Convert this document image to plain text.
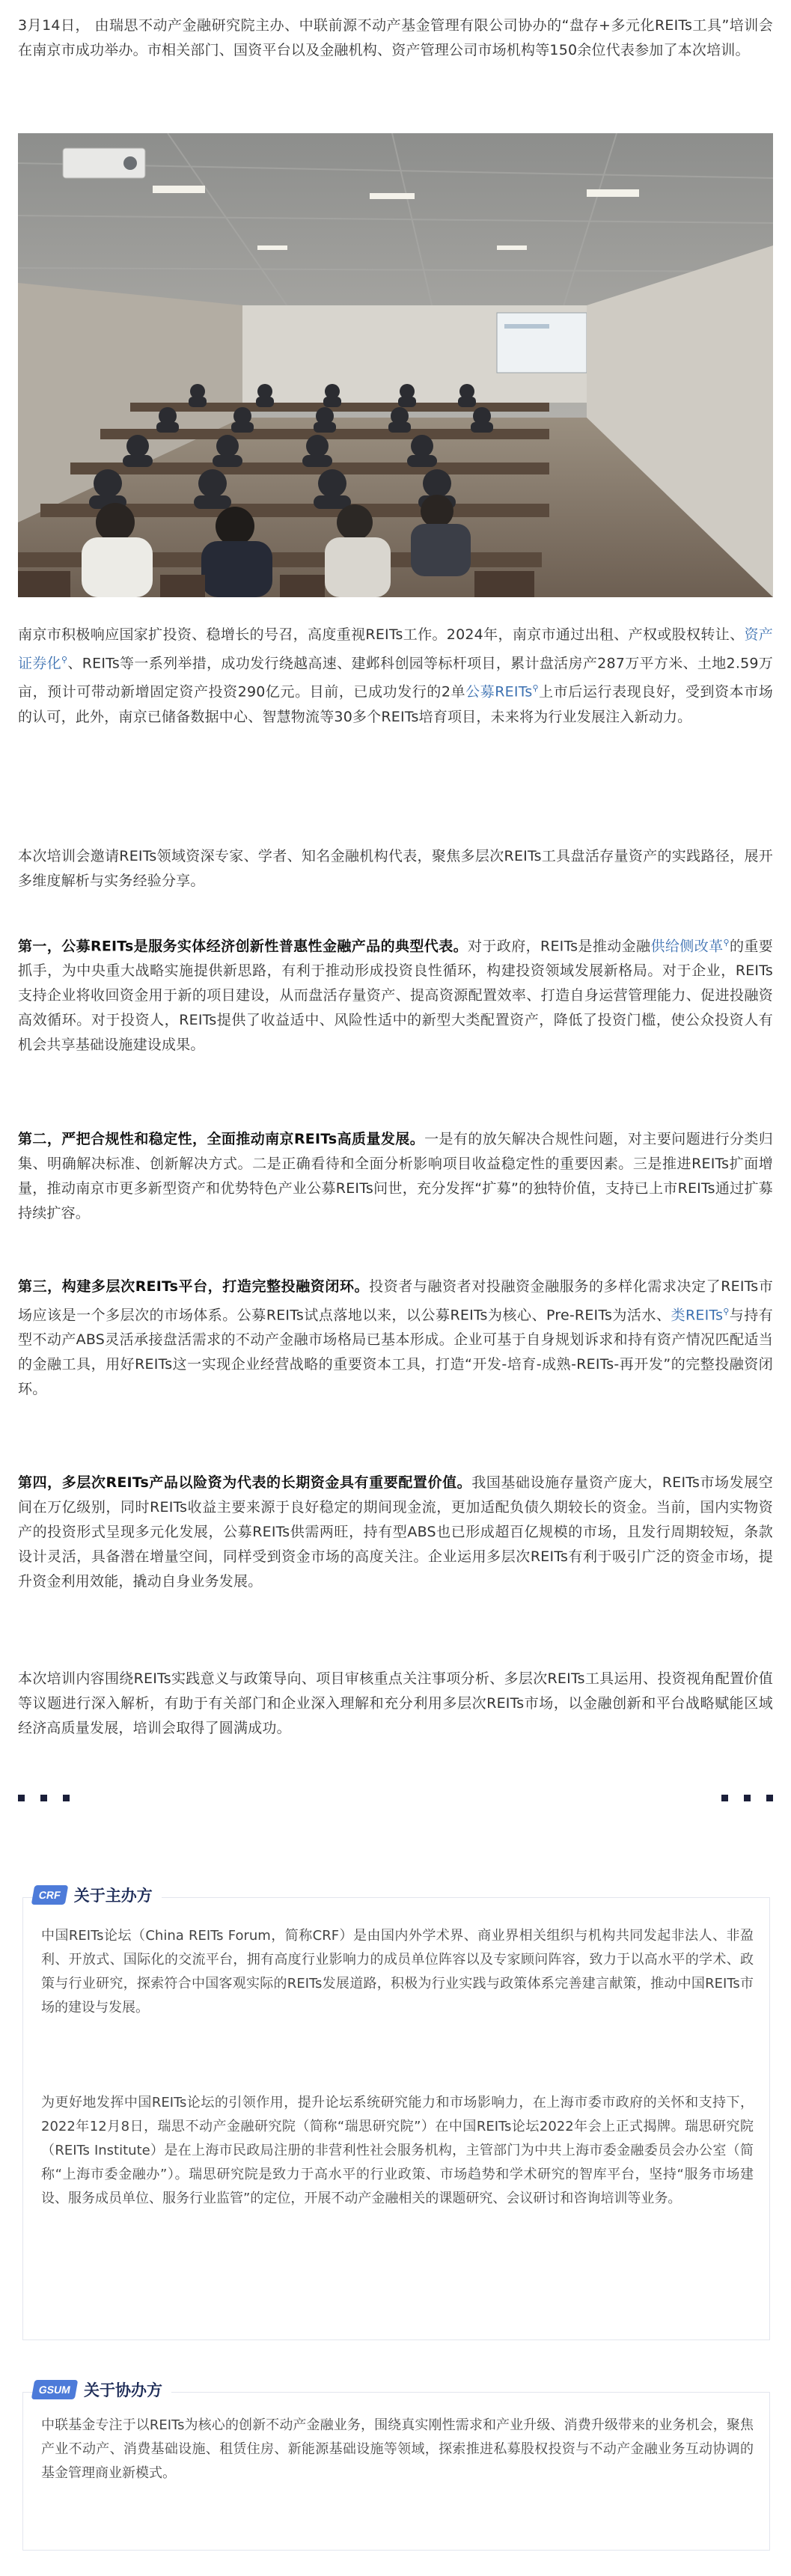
3月14日， 由瑞思不动产金融研究院主办、中联前源不动产基金管理有限公司协办的“盘存+多元化REITs工具”培训会在南京市成功举办。市相关部门、国资平台以及金融机构、资产管理公司市场机构等150余位代表参加了本次培训。

南京市积极响应国家扩投资、稳增长的号召，高度重视REITs工作。2024年，南京市通过出租、产权或股权转让、资产证券化⚲、REITs等一系列举措，成功发行绕越高速、建邺科创园等标杆项目，累计盘活房产287万平方米、土地2.59万亩，预计可带动新增固定资产投资290亿元。目前，已成功发行的2单公募REITs⚲上市后运行表现良好，受到资本市场的认可，此外，南京已储备数据中心、智慧物流等30多个REITs培育项目，未来将为行业发展注入新动力。

本次培训会邀请REITs领域资深专家、学者、知名金融机构代表，聚焦多层次REITs工具盘活存量资产的实践路径，展开多维度解析与实务经验分享。

第一，公募REITs是服务实体经济创新性普惠性金融产品的典型代表。对于政府，REITs是推动金融供给侧改革⚲的重要抓手，为中央重大战略实施提供新思路，有利于推动形成投资良性循环，构建投资领域发展新格局。对于企业，REITs支持企业将收回资金用于新的项目建设，从而盘活存量资产、提高资源配置效率、打造自身运营管理能力、促进投融资高效循环。对于投资人，REITs提供了收益适中、风险性适中的新型大类配置资产，降低了投资门槛，使公众投资人有机会共享基础设施建设成果。

第二，严把合规性和稳定性，全面推动南京REITs高质量发展。一是有的放矢解决合规性问题，对主要问题进行分类归集、明确解决标准、创新解决方式。二是正确看待和全面分析影响项目收益稳定性的重要因素。三是推进REITs扩面增量，推动南京市更多新型资产和优势特色产业公募REITs问世，充分发挥“扩募”的独特价值，支持已上市REITs通过扩募持续扩容。

第三，构建多层次REITs平台，打造完整投融资闭环。投资者与融资者对投融资金融服务的多样化需求决定了REITs市场应该是一个多层次的市场体系。公募REITs试点落地以来，以公募REITs为核心、Pre-REITs为活水、类REITs⚲与持有型不动产ABS灵活承接盘活需求的不动产金融市场格局已基本形成。企业可基于自身规划诉求和持有资产情况匹配适当的金融工具，用好REITs这一实现企业经营战略的重要资本工具，打造“开发-培育-成熟-REITs-再开发”的完整投融资闭环。

第四，多层次REITs产品以险资为代表的长期资金具有重要配置价值。我国基础设施存量资产庞大，REITs市场发展空间在万亿级别，同时REITs收益主要来源于良好稳定的期间现金流，更加适配负债久期较长的资金。当前，国内实物资产的投资形式呈现多元化发展，公募REITs供需两旺，持有型ABS也已形成超百亿规模的市场，且发行周期较短，条款设计灵活，具备潜在增量空间，同样受到资金市场的高度关注。企业运用多层次REITs有利于吸引广泛的资金市场，提升资金利用效能，撬动自身业务发展。

本次培训内容围绕REITs实践意义与政策导向、项目审核重点关注事项分析、多层次REITs工具运用、投资视角配置价值等议题进行深入解析，有助于有关部门和企业深入理解和充分利用多层次REITs市场，以金融创新和平台战略赋能区域经济高质量发展，培训会取得了圆满成功。

中国REITs论坛（China REITs Forum，简称CRF）是由国内外学术界、商业界相关组织与机构共同发起非法人、非盈利、开放式、国际化的交流平台，拥有高度行业影响力的成员单位阵容以及专家顾问阵容，致力于以高水平的学术、政策与行业研究，探索符合中国客观实际的REITs发展道路，积极为行业实践与政策体系完善建言献策，推动中国REITs市场的建设与发展。

为更好地发挥中国REITs论坛的引领作用，提升论坛系统研究能力和市场影响力，在上海市委市政府的关怀和支持下，2022年12月8日，瑞思不动产金融研究院（简称“瑞思研究院”）在中国REITs论坛2022年会上正式揭牌。瑞思研究院（REITs Institute）是在上海市民政局注册的非营利性社会服务机构，主管部门为中共上海市委金融委员会办公室（简称“上海市委金融办”）。瑞思研究院是致力于高水平的行业政策、市场趋势和学术研究的智库平台，坚持“服务市场建设、服务成员单位、服务行业监管”的定位，开展不动产金融相关的课题研究、会议研讨和咨询培训等业务。

CRF 关于主办方

中联基金专注于以REITs为核心的创新不动产金融业务，围绕真实刚性需求和产业升级、消费升级带来的业务机会，聚焦产业不动产、消费基础设施、租赁住房、新能源基础设施等领域，探索推进私募股权投资与不动产金融业务互动协调的基金管理商业新模式。

GSUM 关于协办方
